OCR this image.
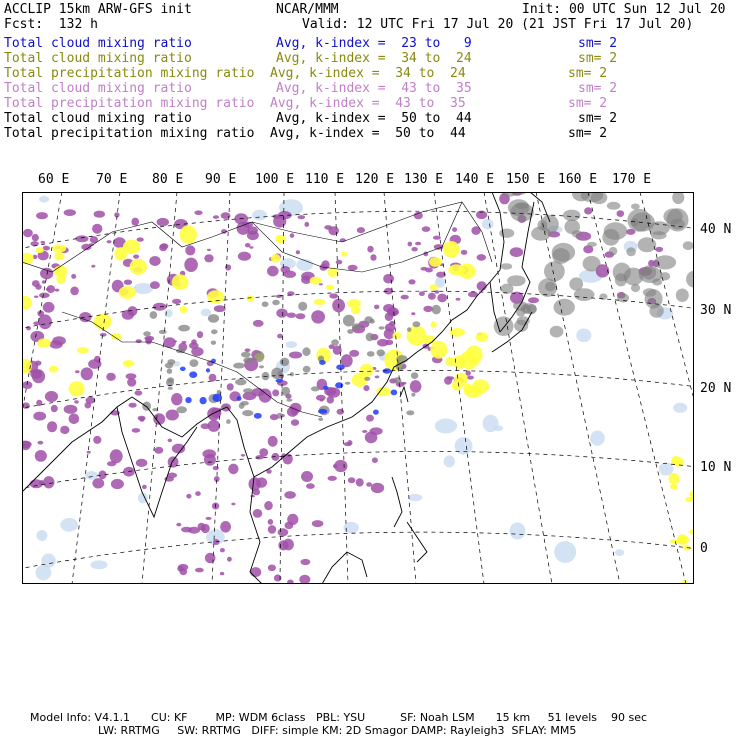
ACCLIP 15km ARW-GFS init	NCAR/MMM	Init: 00 UTC Sun 12 Jul 20
Fcst:  132 h	Valid: 12 UTC Fri 17 Jul 20 (21 JST Fri 17 Jul 20)
Total cloud mixing ratio	Avg, k-index =  23 to   9	sm= 2
Total cloud mixing ratio	Avg, k-index =  34 to  24	sm= 2
Total precipitation mixing ratio Avg, k-index =  34 to  24	sm= 2
Total cloud mixing ratio	Avg, k-index =  43 to  35	sm= 2
Total precipitation mixing ratio Avg, k-index =  43 to  35	sm= 2
Total cloud mixing ratio	Avg, k-index =  50 to  44	sm= 2
Total precipitation mixing ratio Avg, k-index =  50 to  44	sm= 2
60 E 70 E 80 E 90 E 100 E 110 E 120 E 130 E 140 E 150 E 160 E 170 E
40 N
30 N
20 N
10 N
0
Model Info: V4.1.1      CU: KF        MP: WDM 6class   PBL: YSU          SF: Noah LSM      15 km     51 levels    90 sec
LW: RRTMG     SW: RRTMG   DIFF: simple KM: 2D Smagor DAMP: Rayleigh3  SFLAY: MM5
